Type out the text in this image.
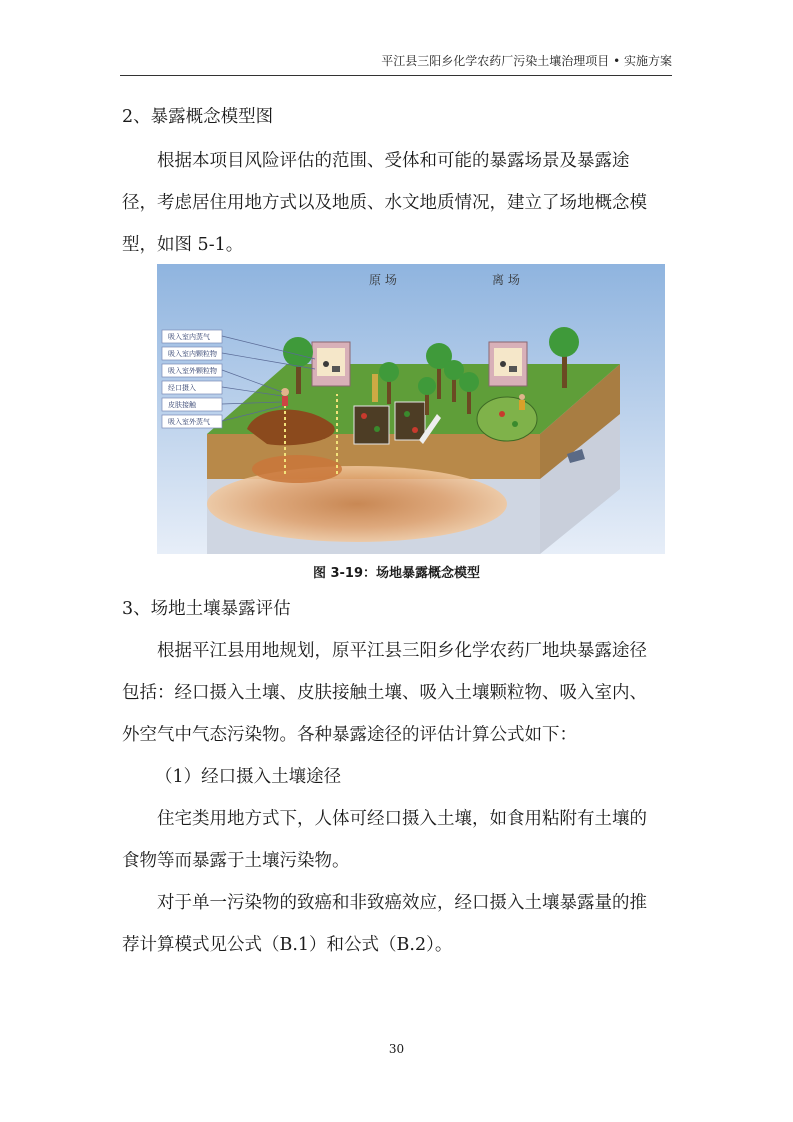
平江县三阳乡化学农药厂污染土壤治理项目 • 实施方案
2、暴露概念模型图
根据本项目风险评估的范围、受体和可能的暴露场景及暴露途
径，考虑居住用地方式以及地质、水文地质情况，建立了场地概念模
型，如图 5-1。
原 场	离 场
吸入室内蒸气
吸入室内颗粒物
吸入室外颗粒物
经口摄入
皮肤接触
吸入室外蒸气
图 3-19：场地暴露概念模型
3、场地土壤暴露评估
根据平江县用地规划，原平江县三阳乡化学农药厂地块暴露途径
包括：经口摄入土壤、皮肤接触土壤、吸入土壤颗粒物、吸入室内、
外空气中气态污染物。各种暴露途径的评估计算公式如下：
（1）经口摄入土壤途径
住宅类用地方式下，人体可经口摄入土壤，如食用粘附有土壤的
食物等而暴露于土壤污染物。
对于单一污染物的致癌和非致癌效应，经口摄入土壤暴露量的推
荐计算模式见公式（B.1）和公式（B.2）。
30
